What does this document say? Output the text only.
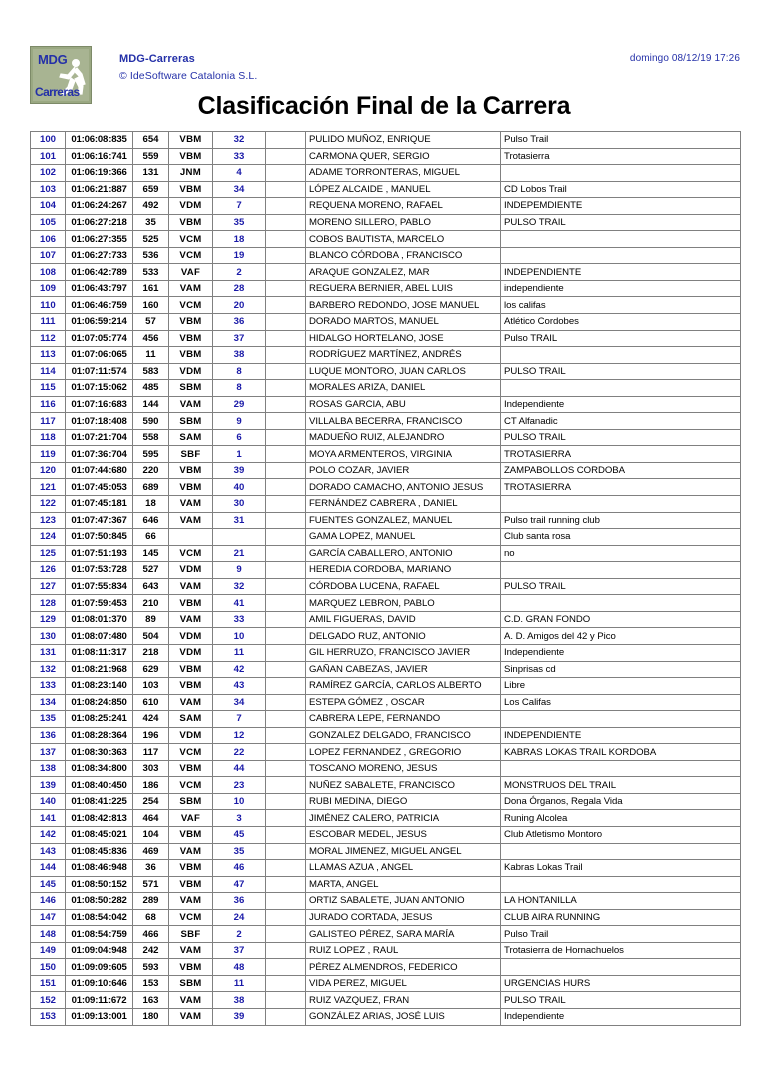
MDG
Carreras
MDG-Carreras
© IdeSoftware Catalonia S.L.
domingo 08/12/19 17:26
Clasificación Final de la Carrera
100	01:06:08:835	654	VBM	32		PULIDO MUÑOZ, ENRIQUE	Pulso Trail
101	01:06:16:741	559	VBM	33		CARMONA QUER, SERGIO	Trotasierra
102	01:06:19:366	131	JNM	4		ADAME TORRONTERAS, MIGUEL	
103	01:06:21:887	659	VBM	34		LÓPEZ ALCAIDE , MANUEL	CD Lobos Trail
104	01:06:24:267	492	VDM	7		REQUENA MORENO, RAFAEL	INDEPEMDIENTE
105	01:06:27:218	35	VBM	35		MORENO SILLERO, PABLO	PULSO TRAIL
106	01:06:27:355	525	VCM	18		COBOS BAUTISTA, MARCELO	
107	01:06:27:733	536	VCM	19		BLANCO CÓRDOBA , FRANCISCO	
108	01:06:42:789	533	VAF	2		ARAQUE GONZALEZ, MAR	INDEPENDIENTE
109	01:06:43:797	161	VAM	28		REGUERA BERNIER, ABEL LUIS	independiente
110	01:06:46:759	160	VCM	20		BARBERO REDONDO, JOSE MANUEL	los califas
111	01:06:59:214	57	VBM	36		DORADO MARTOS, MANUEL	Atlético Cordobes
112	01:07:05:774	456	VBM	37		HIDALGO HORTELANO, JOSE	Pulso TRAIL
113	01:07:06:065	11	VBM	38		RODRÍGUEZ MARTÍNEZ, ANDRÉS	
114	01:07:11:574	583	VDM	8		LUQUE MONTORO, JUAN CARLOS	PULSO TRAIL
115	01:07:15:062	485	SBM	8		MORALES ARIZA, DANIEL	
116	01:07:16:683	144	VAM	29		ROSAS GARCIA, ABU	Independiente
117	01:07:18:408	590	SBM	9		VILLALBA BECERRA, FRANCISCO	CT Alfanadic
118	01:07:21:704	558	SAM	6		MADUEÑO RUIZ, ALEJANDRO	PULSO TRAIL
119	01:07:36:704	595	SBF	1		MOYA ARMENTEROS, VIRGINIA	TROTASIERRA
120	01:07:44:680	220	VBM	39		POLO COZAR, JAVIER	ZAMPABOLLOS CORDOBA
121	01:07:45:053	689	VBM	40		DORADO CAMACHO, ANTONIO JESUS	TROTASIERRA
122	01:07:45:181	18	VAM	30		FERNÁNDEZ CABRERA , DANIEL	
123	01:07:47:367	646	VAM	31		FUENTES GONZALEZ, MANUEL	Pulso trail running club
124	01:07:50:845	66				GAMA LOPEZ, MANUEL	Club santa rosa
125	01:07:51:193	145	VCM	21		GARCÍA CABALLERO, ANTONIO	no
126	01:07:53:728	527	VDM	9		HEREDIA CORDOBA, MARIANO	
127	01:07:55:834	643	VAM	32		CÓRDOBA LUCENA, RAFAEL	PULSO TRAIL
128	01:07:59:453	210	VBM	41		MARQUEZ LEBRON, PABLO	
129	01:08:01:370	89	VAM	33		AMIL FIGUERAS, DAVID	C.D. GRAN FONDO
130	01:08:07:480	504	VDM	10		DELGADO RUZ, ANTONIO	A. D. Amigos del 42 y Pico
131	01:08:11:317	218	VDM	11		GIL HERRUZO, FRANCISCO JAVIER	Independiente
132	01:08:21:968	629	VBM	42		GAÑAN CABEZAS, JAVIER	Sinprisas cd
133	01:08:23:140	103	VBM	43		RAMÍREZ GARCÍA, CARLOS ALBERTO	Libre
134	01:08:24:850	610	VAM	34		ESTEPA GÓMEZ , OSCAR	Los Califas
135	01:08:25:241	424	SAM	7		CABRERA LEPE, FERNANDO	
136	01:08:28:364	196	VDM	12		GONZALEZ DELGADO, FRANCISCO	INDEPENDIENTE
137	01:08:30:363	117	VCM	22		LOPEZ FERNANDEZ , GREGORIO	KABRAS LOKAS TRAIL KORDOBA
138	01:08:34:800	303	VBM	44		TOSCANO MORENO, JESUS	
139	01:08:40:450	186	VCM	23		NUÑEZ SABALETE, FRANCISCO	MONSTRUOS DEL TRAIL
140	01:08:41:225	254	SBM	10		RUBI MEDINA, DIEGO	Dona Órganos, Regala Vida
141	01:08:42:813	464	VAF	3		JIMÉNEZ CALERO, PATRICIA	Runing Alcolea
142	01:08:45:021	104	VBM	45		ESCOBAR MEDEL, JESUS	Club Atletismo Montoro
143	01:08:45:836	469	VAM	35		MORAL JIMENEZ, MIGUEL ANGEL	
144	01:08:46:948	36	VBM	46		LLAMAS AZUA , ANGEL	Kabras Lokas Trail
145	01:08:50:152	571	VBM	47		MARTA, ANGEL	
146	01:08:50:282	289	VAM	36		ORTIZ SABALETE, JUAN ANTONIO	LA HONTANILLA
147	01:08:54:042	68	VCM	24		JURADO CORTADA, JESUS	CLUB AIRA RUNNING
148	01:08:54:759	466	SBF	2		GALISTEO PÉREZ, SARA MARÍA	Pulso Trail
149	01:09:04:948	242	VAM	37		RUIZ LOPEZ , RAUL	Trotasierra de Hornachuelos
150	01:09:09:605	593	VBM	48		PÉREZ ALMENDROS, FEDERICO	
151	01:09:10:646	153	SBM	11		VIDA PEREZ, MIGUEL	URGENCIAS HURS
152	01:09:11:672	163	VAM	38		RUIZ VAZQUEZ, FRAN	PULSO TRAIL
153	01:09:13:001	180	VAM	39		GONZÁLEZ ARIAS, JOSÉ LUIS	Independiente
